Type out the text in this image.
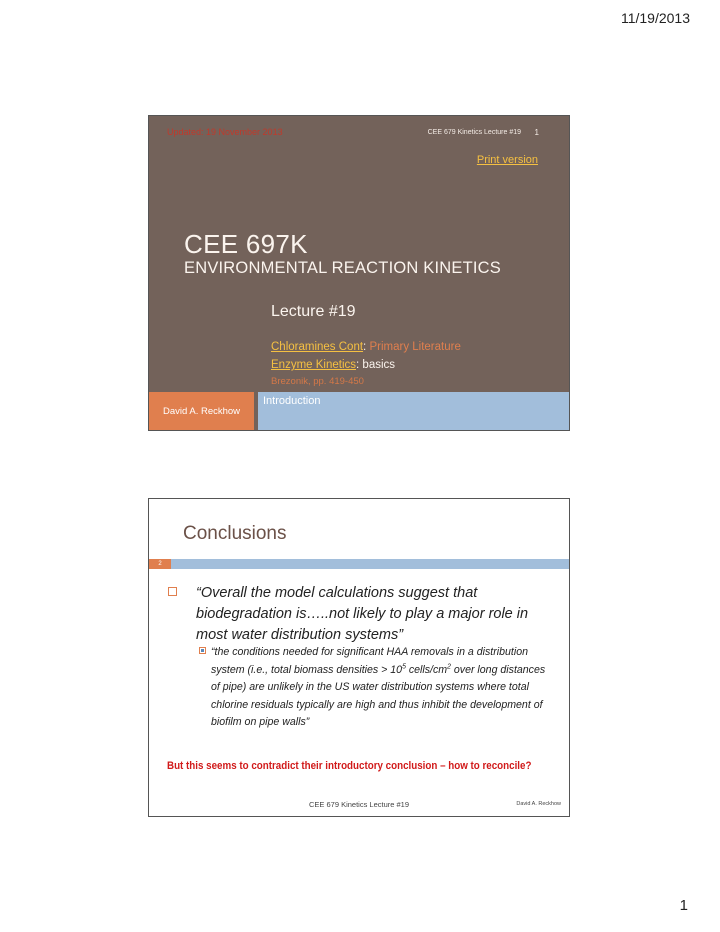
11/19/2013
Updated: 19 November 2013	CEE 679 Kinetics Lecture #19 1
Print version
CEE 697K
ENVIRONMENTAL REACTION KINETICS
Lecture #19
Chloramines Cont: Primary Literature
Enzyme Kinetics: basics
Brezonik, pp. 419-450
David A. Reckhow
Introduction
Conclusions
2
“Overall the model calculations suggest that biodegradation is…..not likely to play a major role in most water distribution systems”
“the conditions needed for significant HAA removals in a distribution system (i.e., total biomass densities > $10^5$ cells/$cm^2$ over long distances of pipe) are unlikely in the US water distribution systems where total chlorine residuals typically are high and thus inhibit the development of biofilm on pipe walls”
But this seems to contradict their introductory conclusion – how to reconcile?
CEE 679 Kinetics Lecture #19	David A. Reckhow
1
